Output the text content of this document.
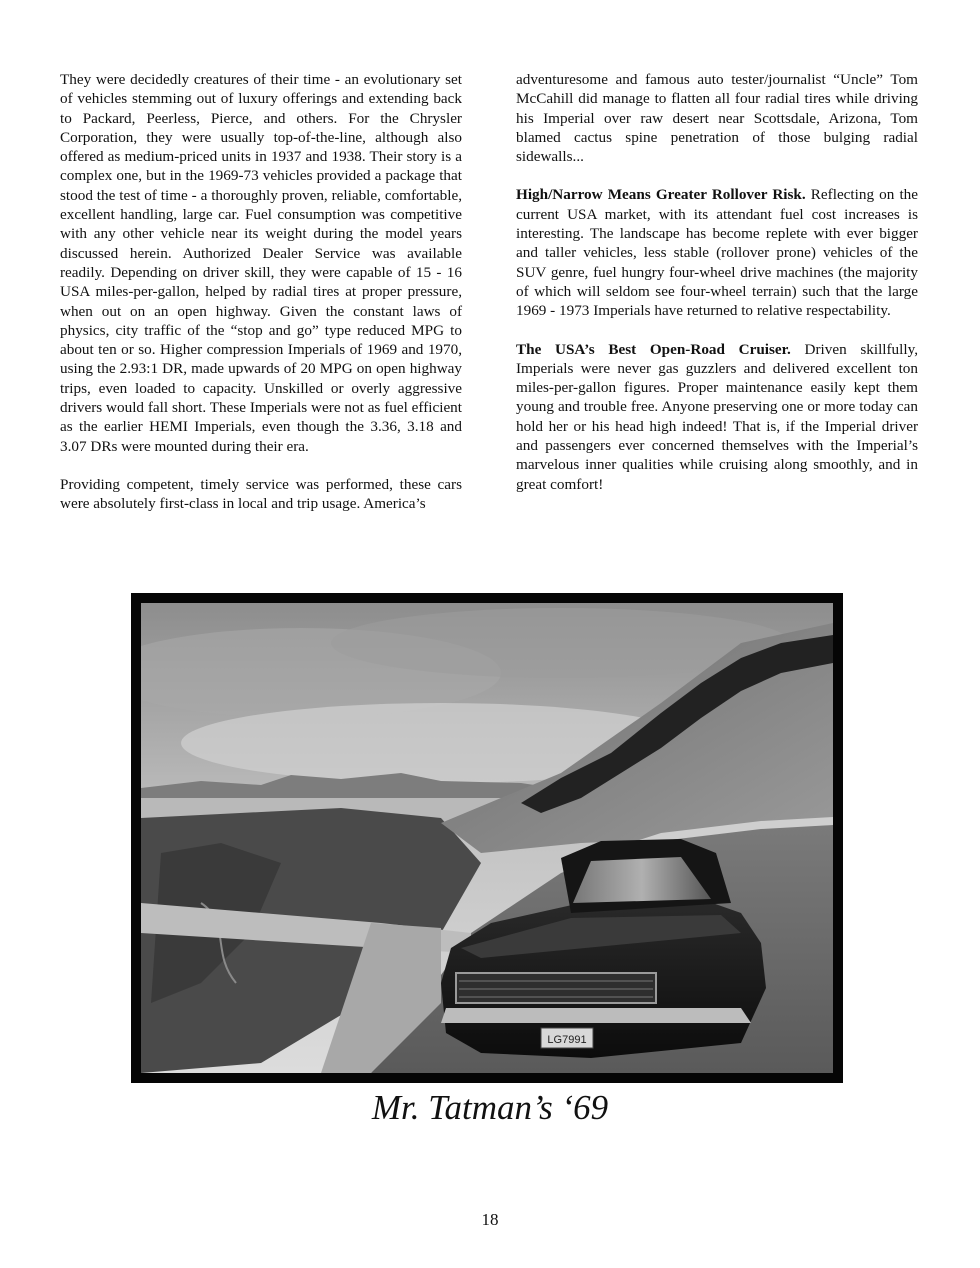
They were decidedly creatures of their time - an evolutionary set of vehicles stemming out of luxury offerings and extending back to Packard, Peerless, Pierce, and others. For the Chrysler Corporation, they were usually top-of-the-line, although also offered as medium-priced units in 1937 and 1938. Their story is a complex one, but in the 1969-73 vehicles provided a package that stood the test of time - a thoroughly proven, reliable, comfortable, excellent handling, large car. Fuel consumption was competitive with any other vehicle near its weight during the model years discussed herein. Authorized Dealer Service was available readily. Depending on driver skill, they were capable of 15 - 16 USA miles-per-gallon, helped by radial tires at proper pressure, when out on an open highway. Given the constant laws of physics, city traffic of the “stop and go” type reduced MPG to about ten or so. Higher compression Imperials of 1969 and 1970, using the 2.93:1 DR, made upwards of 20 MPG on open highway trips, even loaded to capacity. Unskilled or overly aggressive drivers would fall short. These Imperials were not as fuel efficient as the earlier HEMI Imperials, even though the 3.36, 3.18 and 3.07 DRs were mounted during their era.

Providing competent, timely service was performed, these cars were absolutely first-class in local and trip usage. America’s

adventuresome and famous auto tester/journalist “Uncle” Tom McCahill did manage to flatten all four radial tires while driving his Imperial over raw desert near Scottsdale, Arizona, Tom blamed cactus spine penetration of those bulging radial sidewalls...

High/Narrow Means Greater Rollover Risk. Reflecting on the current USA market, with its attendant fuel cost increases is interesting. The landscape has become replete with ever bigger and taller vehicles, less stable (rollover prone) vehicles of the SUV genre, fuel hungry four-wheel drive machines (the majority of which will seldom see four-wheel terrain) such that the large 1969 - 1973 Imperials have returned to relative respectability.

The USA’s Best Open-Road Cruiser. Driven skillfully, Imperials were never gas guzzlers and delivered excellent ton miles-per-gallon figures. Proper maintenance easily kept them young and trouble free. Anyone preserving one or more today can hold her or his head high indeed! That is, if the Imperial driver and passengers ever concerned themselves with the Imperial’s marvelous inner qualities while cruising along smoothly, and in great comfort!

LG7991
Mr. Tatman’s ‘69
18
